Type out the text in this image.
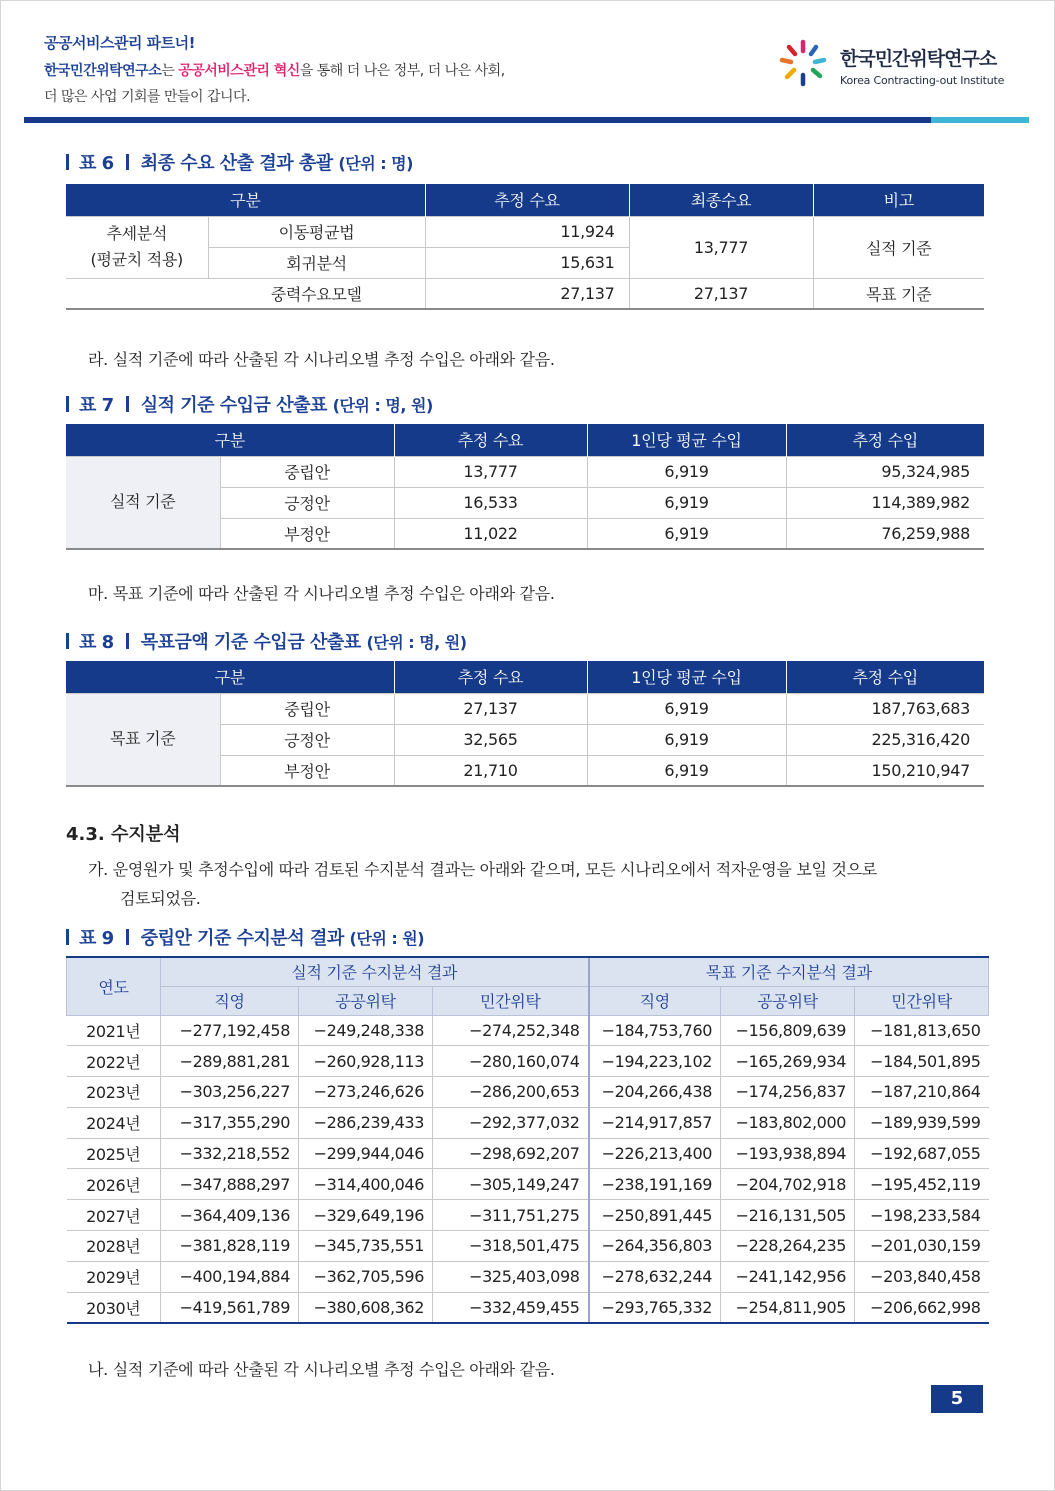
공공서비스관리 파트너!
한국민간위탁연구소는 공공서비스관리 혁신을 통해 더 나은 정부, 더 나은 사회,
더 많은 사업 기회를 만들이 갑니다.
한국민간위탁연구소
Korea Contracting-out Institute
표 6 최종 수요 산출 결과 총괄 (단위 : 명)
구분		추정 수요	최종수요	비고
추세분석
(평균치 적용)	이동평균법	11,924	13,777	실적 기준
	회귀분석	15,631		
중력수요모델		27,137	27,137	목표 기준
라. 실적 기준에 따라 산출된 각 시나리오별 추정 수입은 아래와 같음.
표 7 실적 기준 수입금 산출표 (단위 : 명, 원)
구분		추정 수요	1인당 평균 수입	추정 수입
실적 기준	중립안	13,777	6,919	95,324,985
	긍정안	16,533	6,919	114,389,982
	부정안	11,022	6,919	76,259,988
마. 목표 기준에 따라 산출된 각 시나리오별 추정 수입은 아래와 같음.
표 8 목표금액 기준 수입금 산출표 (단위 : 명, 원)
구분		추정 수요	1인당 평균 수입	추정 수입
목표 기준	중립안	27,137	6,919	187,763,683
	긍정안	32,565	6,919	225,316,420
	부정안	21,710	6,919	150,210,947
4.3. 수지분석
가. 운영원가 및 추정수입에 따라 검토된 수지분석 결과는 아래와 같으며, 모든 시나리오에서 적자운영을 보일 것으로
검토되었음.
표 9 중립안 기준 수지분석 결과 (단위 : 원)
연도	실적 기준 수지분석 결과			목표 기준 수지분석 결과		
	직영	공공위탁	민간위탁	직영	공공위탁	민간위탁
2021년	−277,192,458	−249,248,338	−274,252,348	−184,753,760	−156,809,639	−181,813,650
2022년	−289,881,281	−260,928,113	−280,160,074	−194,223,102	−165,269,934	−184,501,895
2023년	−303,256,227	−273,246,626	−286,200,653	−204,266,438	−174,256,837	−187,210,864
2024년	−317,355,290	−286,239,433	−292,377,032	−214,917,857	−183,802,000	−189,939,599
2025년	−332,218,552	−299,944,046	−298,692,207	−226,213,400	−193,938,894	−192,687,055
2026년	−347,888,297	−314,400,046	−305,149,247	−238,191,169	−204,702,918	−195,452,119
2027년	−364,409,136	−329,649,196	−311,751,275	−250,891,445	−216,131,505	−198,233,584
2028년	−381,828,119	−345,735,551	−318,501,475	−264,356,803	−228,264,235	−201,030,159
2029년	−400,194,884	−362,705,596	−325,403,098	−278,632,244	−241,142,956	−203,840,458
2030년	−419,561,789	−380,608,362	−332,459,455	−293,765,332	−254,811,905	−206,662,998
나. 실적 기준에 따라 산출된 각 시나리오별 추정 수입은 아래와 같음.
5
